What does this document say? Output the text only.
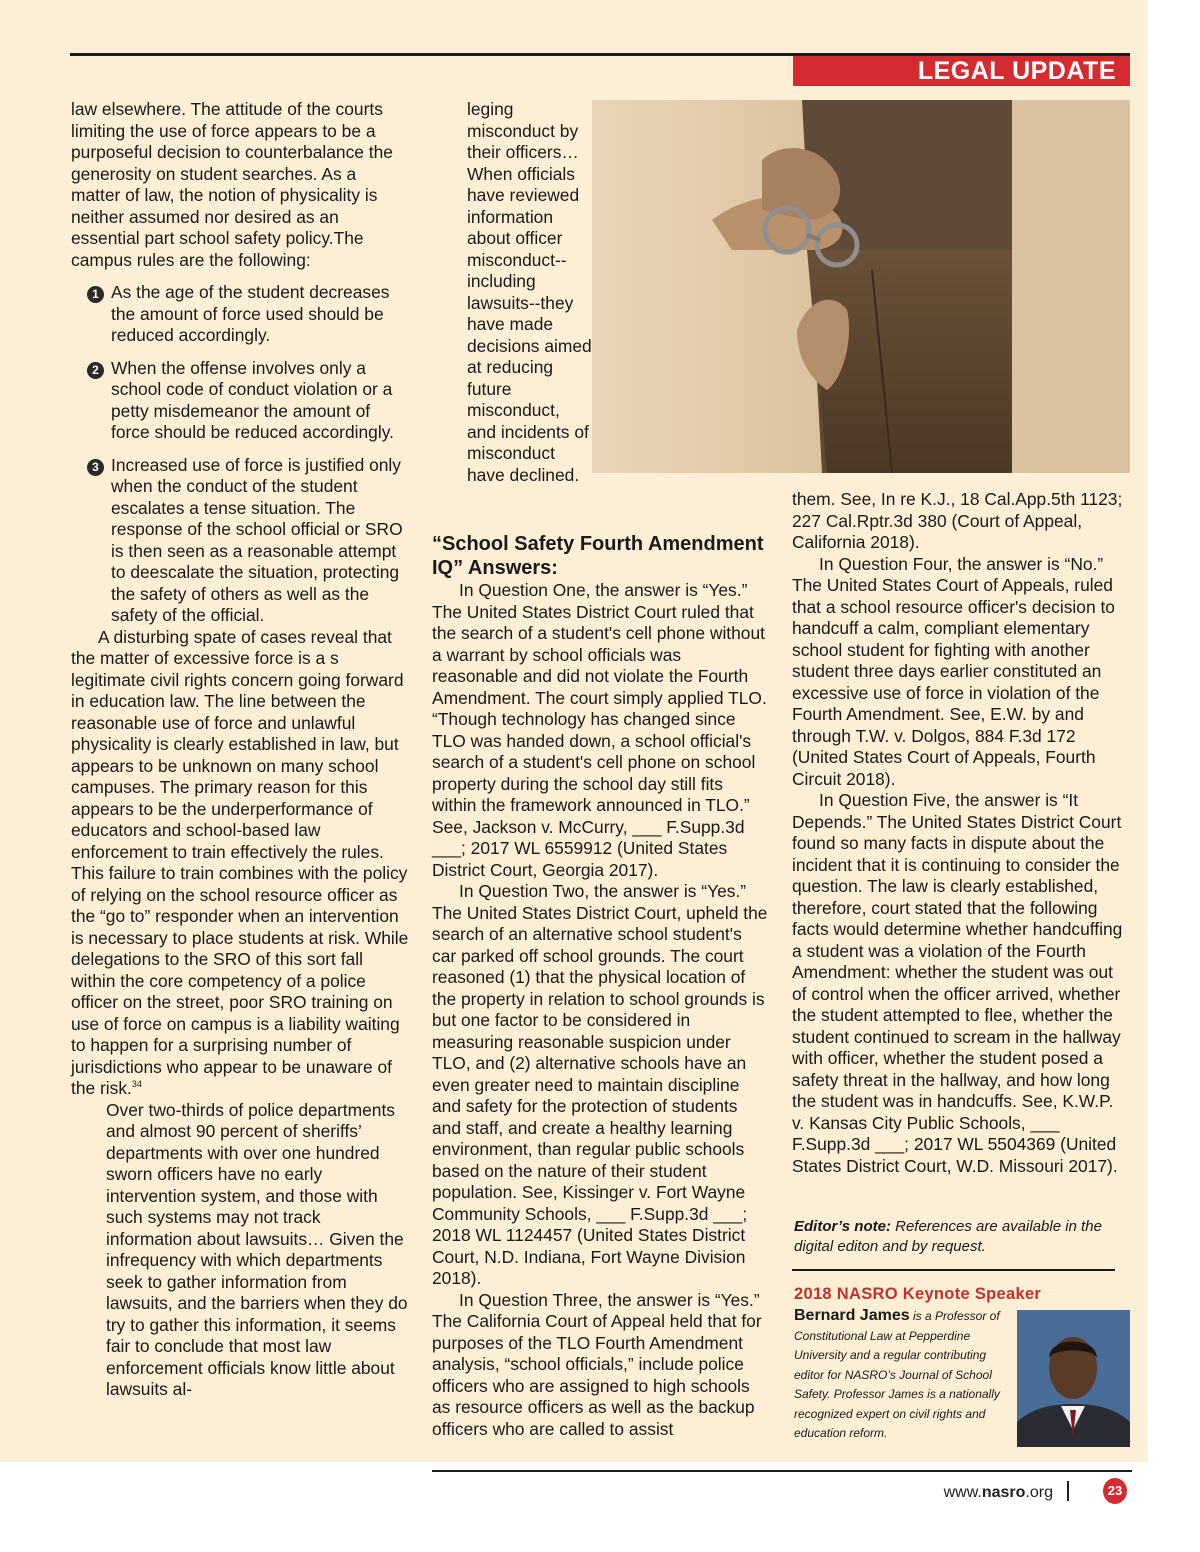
LEGAL UPDATE

law elsewhere. The attitude of the courts limiting the use of force appears to be a purposeful decision to counterbalance the generosity on student searches. As a matter of law, the notion of physicality is neither assumed nor desired as an essential part school safety policy.The campus rules are the following:

1 As the age of the student decreases the amount of force used should be reduced accordingly.

2 When the offense involves only a school code of conduct violation or a petty misdemeanor the amount of force should be reduced accordingly.

3 Increased use of force is justified only when the conduct of the student escalates a tense situation. The response of the school official or SRO is then seen as a reasonable attempt to deescalate the situation, protecting the safety of others as well as the safety of the official.

A disturbing spate of cases reveal that the matter of excessive force is a s legitimate civil rights concern going forward in education law. The line between the reasonable use of force and unlawful physicality is clearly established in law, but appears to be unknown on many school campuses. The primary reason for this appears to be the underperformance of educators and school-based law enforcement to train effectively the rules. This failure to train combines with the policy of relying on the school resource officer as the “go to” responder when an intervention is necessary to place students at risk. While delegations to the SRO of this sort fall within the core competency of a police officer on the street, poor SRO training on use of force on campus is a liability waiting to happen for a surprising number of jurisdictions who appear to be unaware of the risk.$^{34}$

Over two-thirds of police departments and almost 90 percent of sheriffs’ departments with over one hundred sworn officers have no early intervention system, and those with such systems may not track information about lawsuits… Given the infrequency with which departments seek to gather information from lawsuits, and the barriers when they do try to gather this information, it seems fair to conclude that most law enforcement officials know little about lawsuits al-

leging misconduct by their officers… When officials have reviewed information about officer misconduct--including lawsuits--they have made decisions aimed at reducing future misconduct, and incidents of misconduct have declined.

“School Safety Fourth Amendment IQ” Answers:

In Question One, the answer is “Yes.” The United States District Court ruled that the search of a student's cell phone without a warrant by school officials was reasonable and did not violate the Fourth Amendment. The court simply applied TLO. “Though technology has changed since TLO was handed down, a school official's search of a student's cell phone on school property during the school day still fits within the framework announced in TLO.” See, Jackson v. McCurry, ___ F.Supp.3d ___; 2017 WL 6559912 (United States District Court, Georgia 2017).

In Question Two, the answer is “Yes.” The United States District Court, upheld the search of an alternative school student's car parked off school grounds. The court reasoned (1) that the physical location of the property in relation to school grounds is but one factor to be considered in measuring reasonable suspicion under TLO, and (2) alternative schools have an even greater need to maintain discipline and safety for the protection of students and staff, and create a healthy learning environment, than regular public schools based on the nature of their student population. See, Kissinger v. Fort Wayne Community Schools, ___ F.Supp.3d ___; 2018 WL 1124457 (United States District Court, N.D. Indiana, Fort Wayne Division 2018).

In Question Three, the answer is “Yes.” The California Court of Appeal held that for purposes of the TLO Fourth Amendment analysis, “school officials,” include police officers who are assigned to high schools as resource officers as well as the backup officers who are called to assist

them. See, In re K.J., 18 Cal.App.5th 1123; 227 Cal.Rptr.3d 380 (Court of Appeal, California 2018).

In Question Four, the answer is “No.” The United States Court of Appeals, ruled that a school resource officer's decision to handcuff a calm, compliant elementary school student for fighting with another student three days earlier constituted an excessive use of force in violation of the Fourth Amendment. See, E.W. by and through T.W. v. Dolgos, 884 F.3d 172 (United States Court of Appeals, Fourth Circuit 2018).

In Question Five, the answer is “It Depends.” The United States District Court found so many facts in dispute about the incident that it is continuing to consider the question. The law is clearly established, therefore, court stated that the following facts would determine whether handcuffing a student was a violation of the Fourth Amendment: whether the student was out of control when the officer arrived, whether the student attempted to flee, whether the student continued to scream in the hallway with officer, whether the student posed a safety threat in the hallway, and how long the student was in handcuffs. See, K.W.P. v. Kansas City Public Schools, ___ F.Supp.3d ___; 2017 WL 5504369 (United States District Court, W.D. Missouri 2017).

Editor’s note: References are available in the digital editon and by request.
2018 NASRO Keynote Speaker
Bernard James is a Professor of Constitutional Law at Pepperdine University and a regular contributing editor for NASRO’s Journal of School Safety. Professor James is a nationally recognized expert on civil rights and education reform.
www.nasro.org	23
